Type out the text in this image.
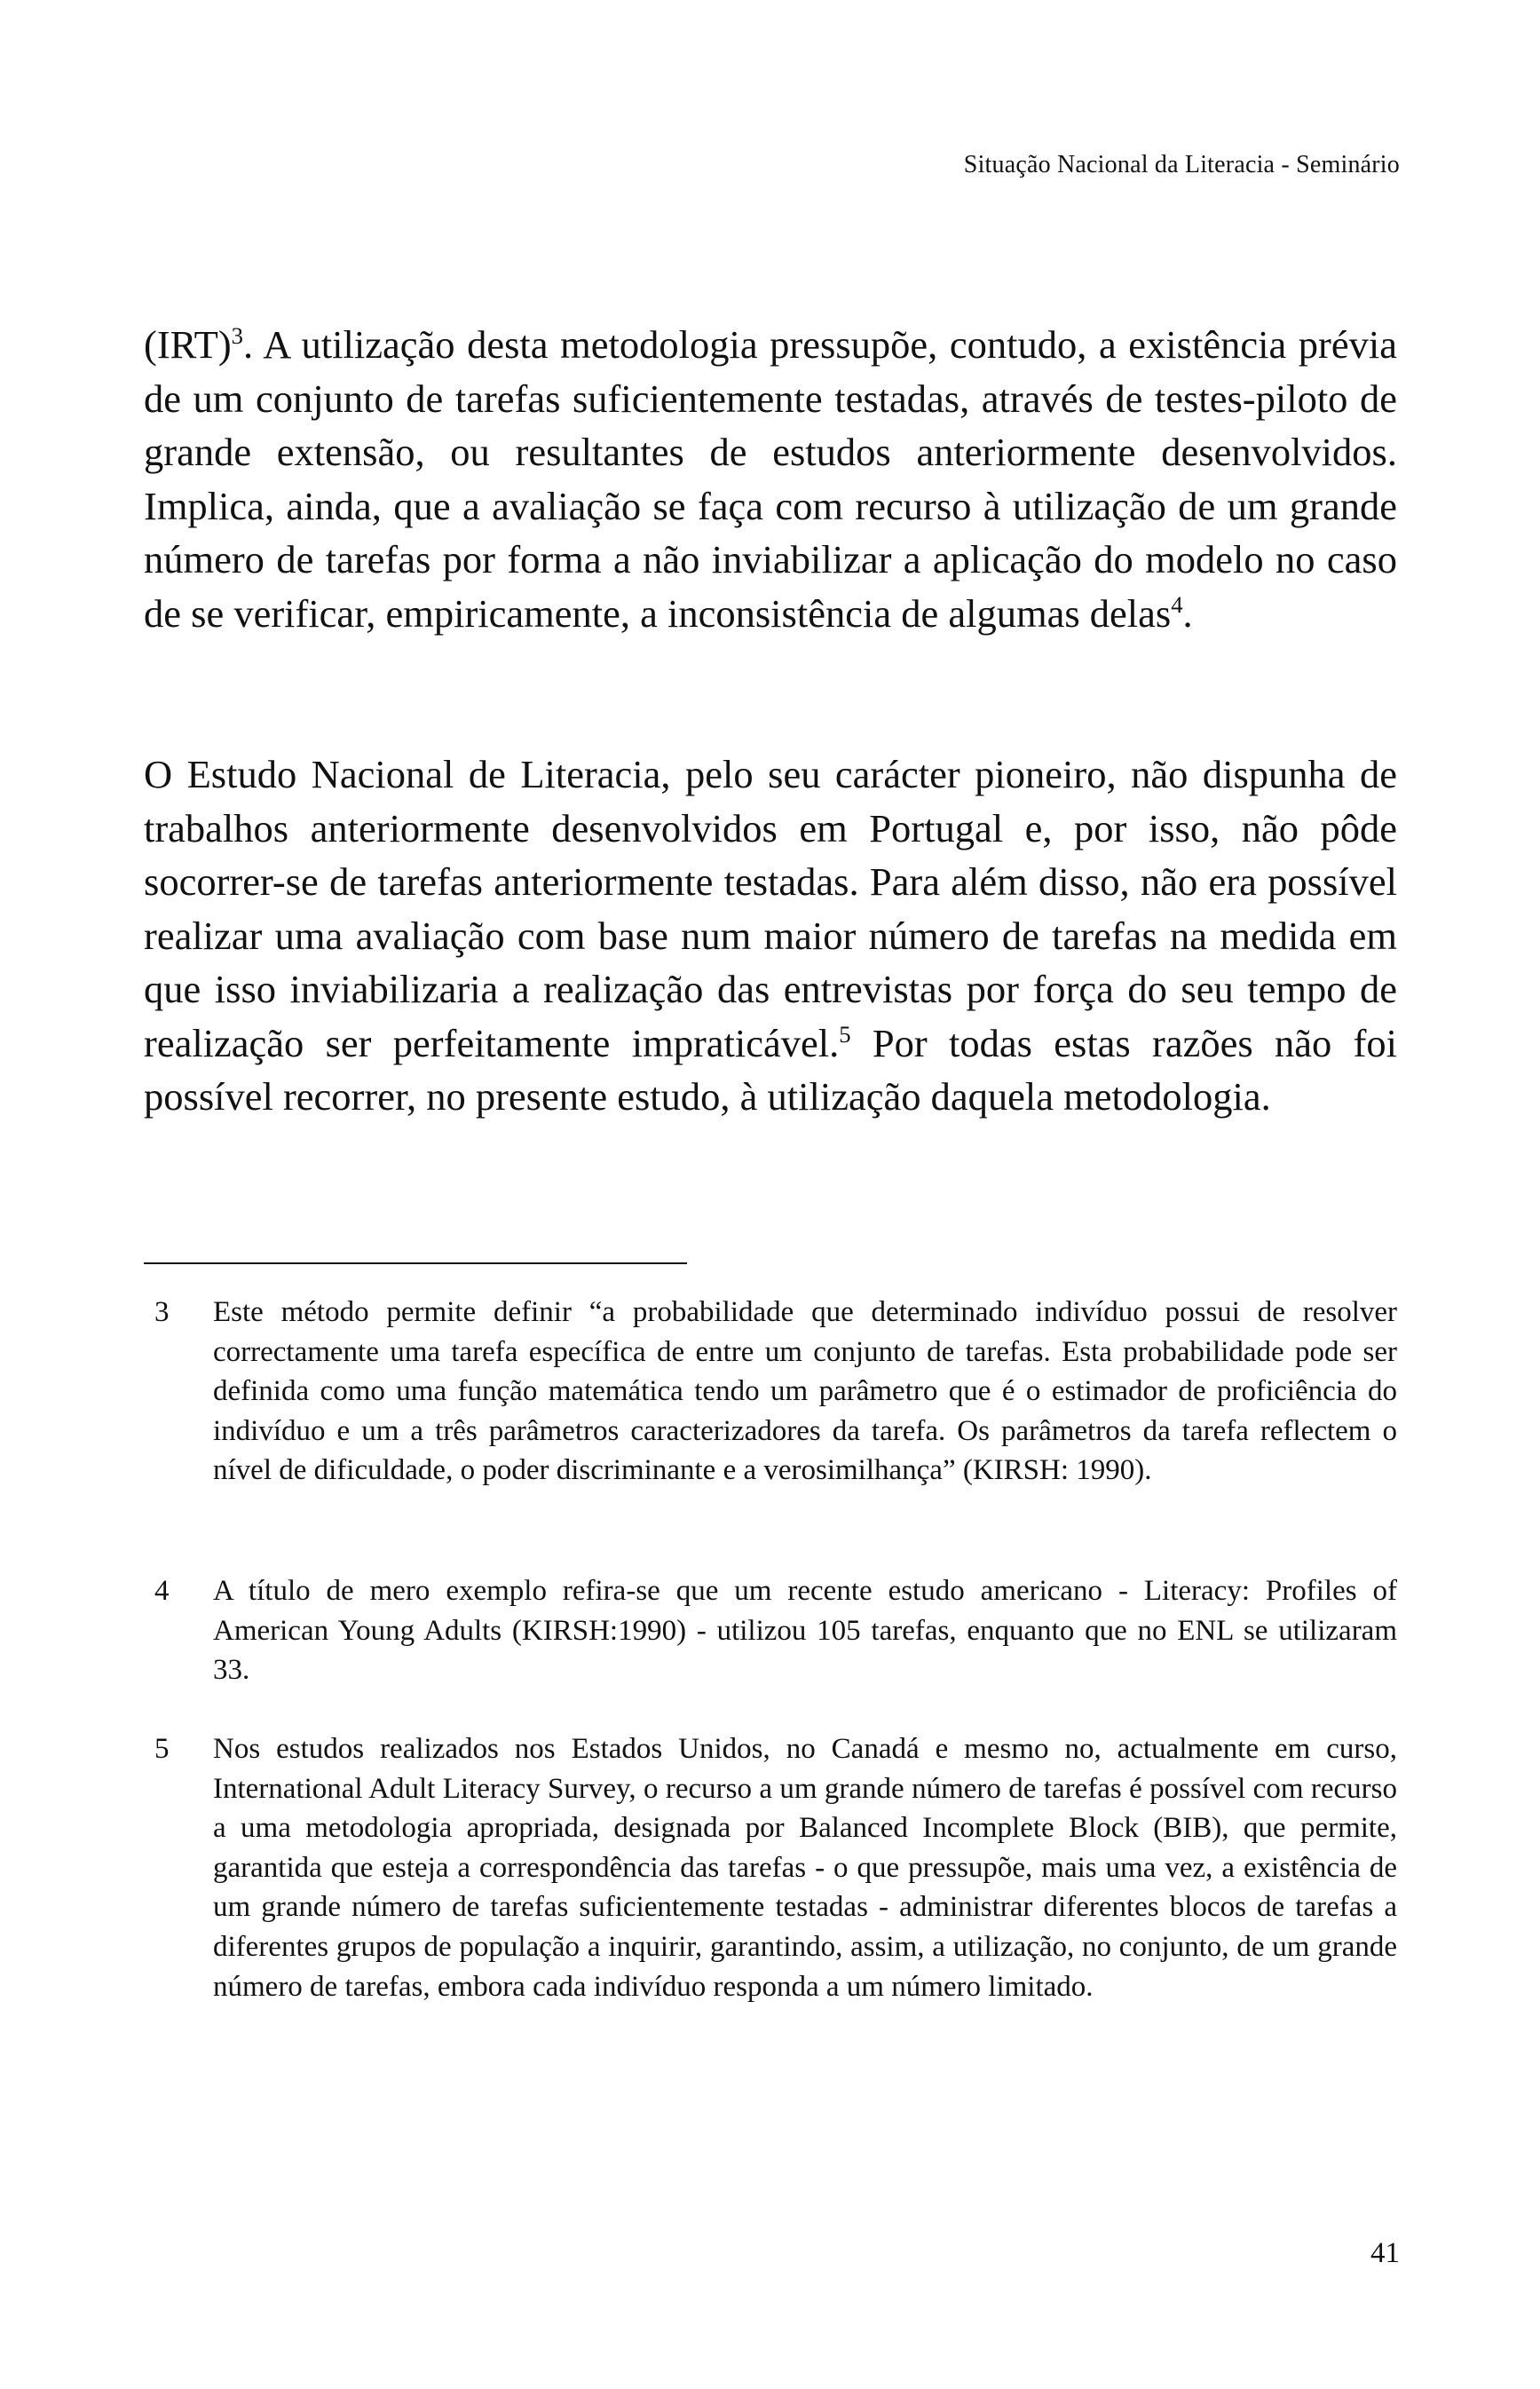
Situação Nacional da Literacia - Seminário

(IRT)$^3$. A utilização desta metodologia pressupõe, contudo, a existência prévia de um conjunto de tarefas suficientemente testadas, através de testes-piloto de grande extensão, ou resultantes de estudos anteriormente desenvolvidos. Implica, ainda, que a avaliação se faça com recurso à utilização de um grande número de tarefas por forma a não inviabilizar a aplicação do modelo no caso de se verificar, empiricamente, a inconsistência de algumas delas$^4$.

O Estudo Nacional de Literacia, pelo seu carácter pioneiro, não dispunha de trabalhos anteriormente desenvolvidos em Portugal e, por isso, não pôde socorrer-se de tarefas anteriormente testadas. Para além disso, não era possível realizar uma avaliação com base num maior número de tarefas na medida em que isso inviabilizaria a realização das entrevistas por força do seu tempo de realização ser perfeitamente impraticável.$^5$ Por todas estas razões não foi possível recorrer, no presente estudo, à utilização daquela metodologia.

3 Este método permite definir “a probabilidade que determinado indivíduo possui de resolver correctamente uma tarefa específica de entre um conjunto de tarefas. Esta probabilidade pode ser definida como uma função matemática tendo um parâmetro que é o estimador de proficiência do indivíduo e um a três parâmetros caracterizadores da tarefa. Os parâmetros da tarefa reflectem o nível de dificuldade, o poder discriminante e a verosimilhança” (KIRSH: 1990).
4 A título de mero exemplo refira-se que um recente estudo americano - Literacy: Profiles of American Young Adults (KIRSH:1990) - utilizou 105 tarefas, enquanto que no ENL se utilizaram 33.
5 Nos estudos realizados nos Estados Unidos, no Canadá e mesmo no, actualmente em curso, International Adult Literacy Survey, o recurso a um grande número de tarefas é possível com recurso a uma metodologia apropriada, designada por Balanced Incomplete Block (BIB), que permite, garantida que esteja a correspondência das tarefas - o que pressupõe, mais uma vez, a existência de um grande número de tarefas suficientemente testadas - administrar diferentes blocos de tarefas a diferentes grupos de população a inquirir, garantindo, assim, a utilização, no conjunto, de um grande número de tarefas, embora cada indivíduo responda a um número limitado.
41
